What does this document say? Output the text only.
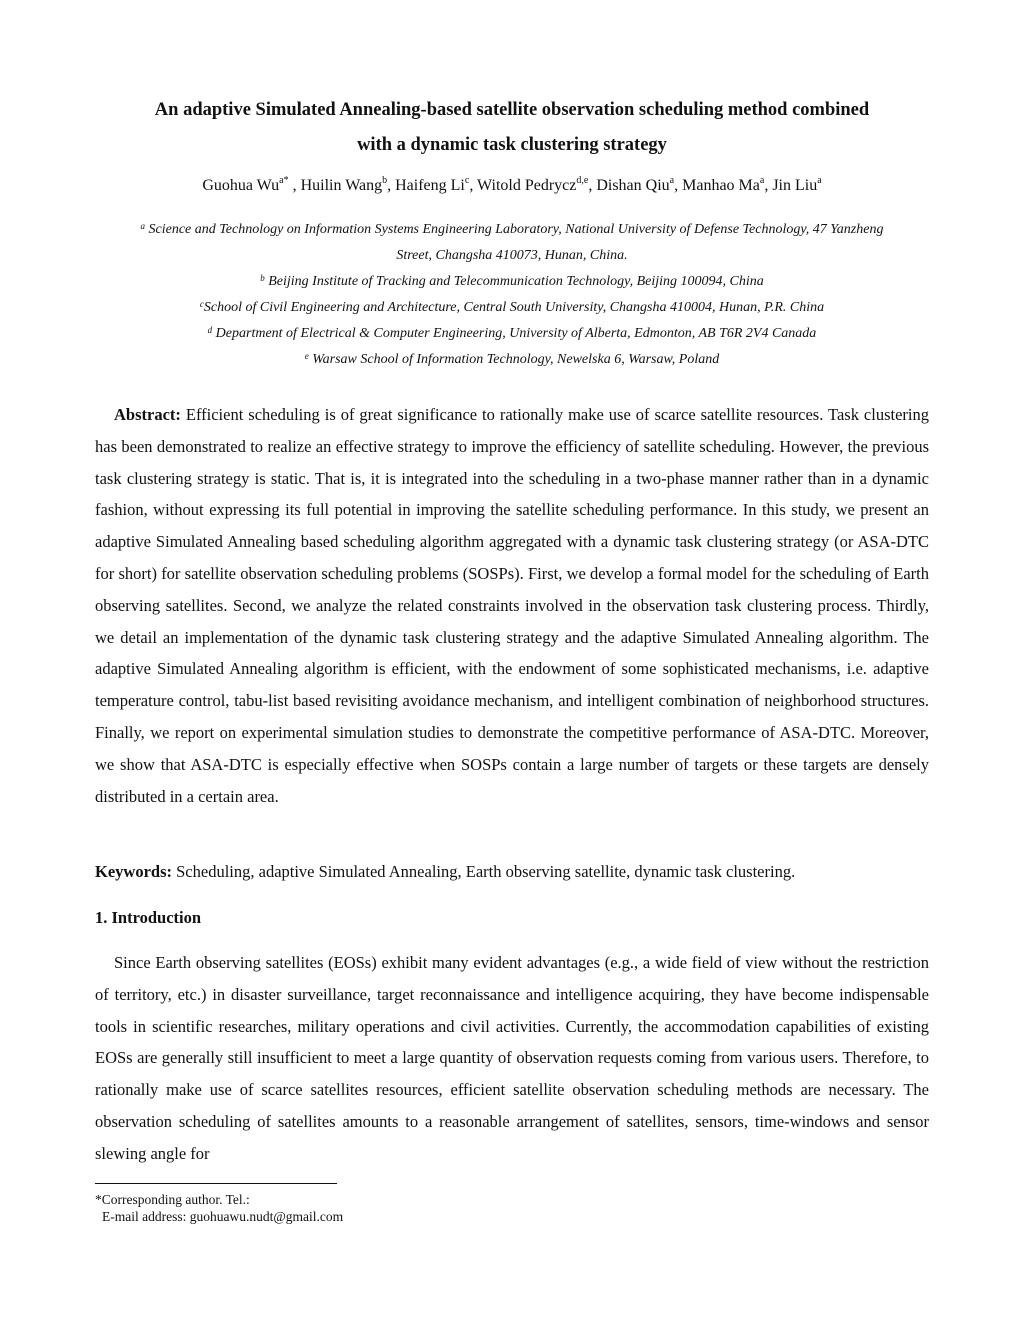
An adaptive Simulated Annealing-based satellite observation scheduling method combined
with a dynamic task clustering strategy
Guohua $Wu^{a*}$ , Huilin Wang$^b$, Haifeng Li$^c$, Witold Pedrycz$^{d,e}$, Dishan Qiu$^a$, Manhao Ma$^a$, Jin Liu$^a$
$^a$ Science and Technology on Information Systems Engineering Laboratory, National University of Defense Technology, 47 Yanzheng
Street, Changsha 410073, Hunan, China.
$^b$ Beijing Institute of Tracking and Telecommunication Technology, Beijing 100094, China
$^c$School of Civil Engineering and Architecture, Central South University, Changsha 410004, Hunan, P.R. China
$^d$ Department of Electrical & Computer Engineering, University of Alberta, Edmonton, AB T6R 2V4 Canada
$^e$ Warsaw School of Information Technology, Newelska 6, Warsaw, Poland

Abstract: Efficient scheduling is of great significance to rationally make use of scarce satellite resources. Task clustering has been demonstrated to realize an effective strategy to improve the efficiency of satellite scheduling. However, the previous task clustering strategy is static. That is, it is integrated into the scheduling in a two-phase manner rather than in a dynamic fashion, without expressing its full potential in improving the satellite scheduling performance. In this study, we present an adaptive Simulated Annealing based scheduling algorithm aggregated with a dynamic task clustering strategy (or ASA-DTC for short) for satellite observation scheduling problems (SOSPs). First, we develop a formal model for the scheduling of Earth observing satellites. Second, we analyze the related constraints involved in the observation task clustering process. Thirdly, we detail an implementation of the dynamic task clustering strategy and the adaptive Simulated Annealing algorithm. The adaptive Simulated Annealing algorithm is efficient, with the endowment of some sophisticated mechanisms, i.e. adaptive temperature control, tabu-list based revisiting avoidance mechanism, and intelligent combination of neighborhood structures. Finally, we report on experimental simulation studies to demonstrate the competitive performance of ASA-DTC. Moreover, we show that ASA-DTC is especially effective when SOSPs contain a large number of targets or these targets are densely distributed in a certain area.

Keywords: Scheduling, adaptive Simulated Annealing, Earth observing satellite, dynamic task clustering.

1. Introduction

Since Earth observing satellites (EOSs) exhibit many evident advantages (e.g., a wide field of view without the restriction of territory, etc.) in disaster surveillance, target reconnaissance and intelligence acquiring, they have become indispensable tools in scientific researches, military operations and civil activities. Currently, the accommodation capabilities of existing EOSs are generally still insufficient to meet a large quantity of observation requests coming from various users. Therefore, to rationally make use of scarce satellites resources, efficient satellite observation scheduling methods are necessary. The observation scheduling of satellites amounts to a reasonable arrangement of satellites, sensors, time-windows and sensor slewing angle for

*Corresponding author. Tel.:
E-mail address: guohuawu.nudt@gmail.com
